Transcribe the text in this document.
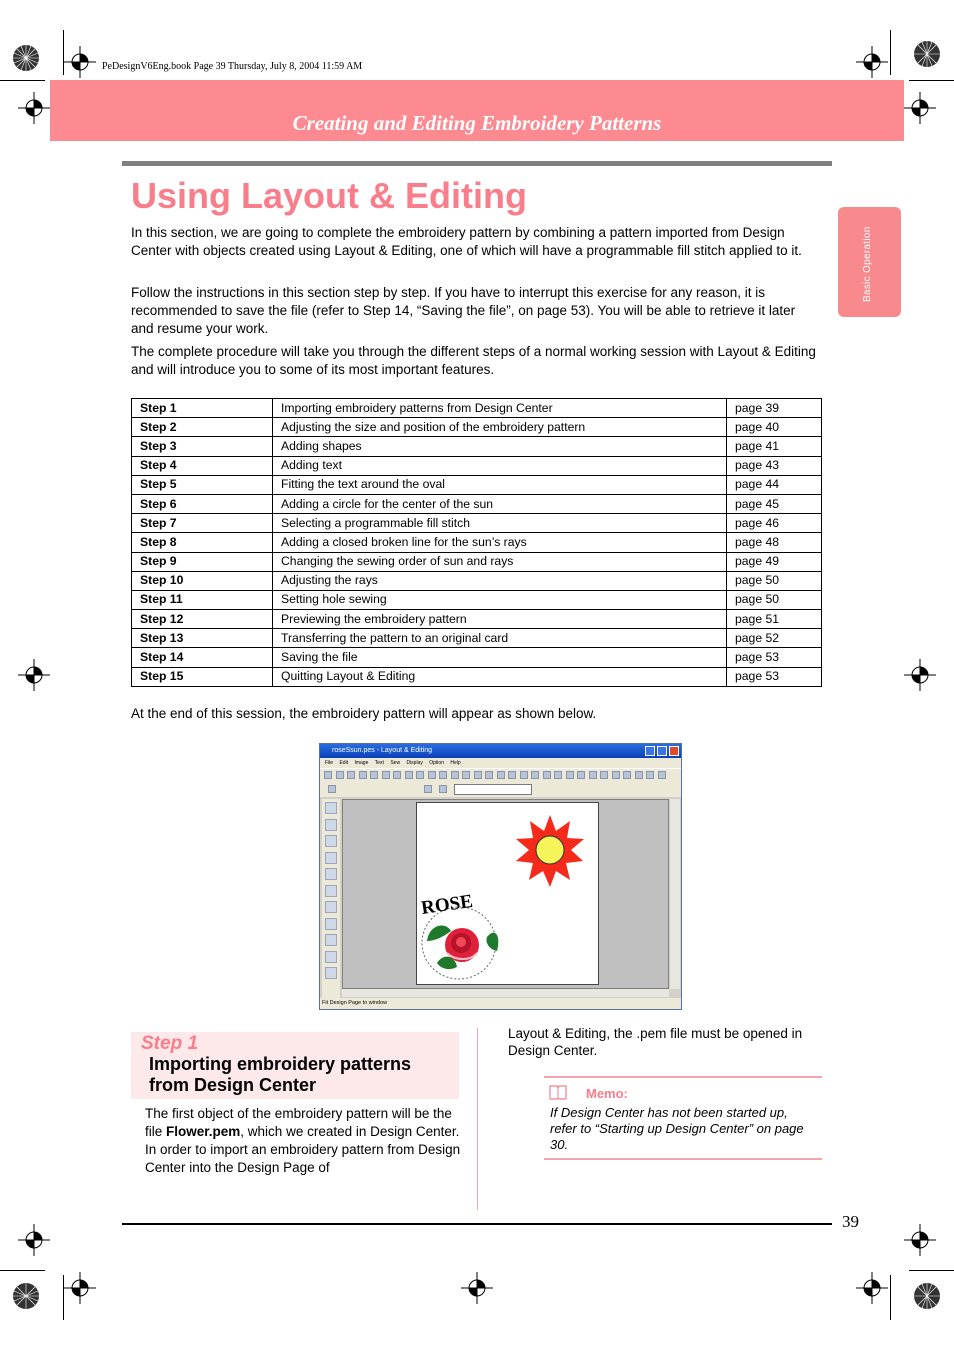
PeDesignV6Eng.book Page 39 Thursday, July 8, 2004 11:59 AM
Creating and Editing Embroidery Patterns
Basic Operation
Using Layout & Editing
In this section, we are going to complete the embroidery pattern by combining a pattern imported from Design Center with objects created using Layout & Editing, one of which will have a programmable fill stitch applied to it.
Follow the instructions in this section step by step. If you have to interrupt this exercise for any reason, it is recommended to save the file (refer to Step 14, “Saving the file”, on page 53). You will be able to retrieve it later and resume your work.
The complete procedure will take you through the different steps of a normal working session with Layout & Editing and will introduce you to some of its most important features.
Step 1	Importing embroidery patterns from Design Center	page 39
Step 2	Adjusting the size and position of the embroidery pattern	page 40
Step 3	Adding shapes	page 41
Step 4	Adding text	page 43
Step 5	Fitting the text around the oval	page 44
Step 6	Adding a circle for the center of the sun	page 45
Step 7	Selecting a programmable fill stitch	page 46
Step 8	Adding a closed broken line for the sun’s rays	page 48
Step 9	Changing the sewing order of sun and rays	page 49
Step 10	Adjusting the rays	page 50
Step 11	Setting hole sewing	page 50
Step 12	Previewing the embroidery pattern	page 51
Step 13	Transferring the pattern to an original card	page 52
Step 14	Saving the file	page 53
Step 15	Quitting Layout & Editing	page 53
At the end of this session, the embroidery pattern will appear as shown below.
roseSsun.pes - Layout & Editing
File Edit Image Text Sew Display Option Help
ROSE
Fit Design Page to window
Step 1
Importing embroidery patterns from Design Center
The first object of the embroidery pattern will be the file Flower.pem, which we created in Design Center. In order to import an embroidery pattern from Design Center into the Design Page of
Layout & Editing, the .pem file must be opened in Design Center.
Memo:
If Design Center has not been started up, refer to “Starting up Design Center” on page 30.
39
